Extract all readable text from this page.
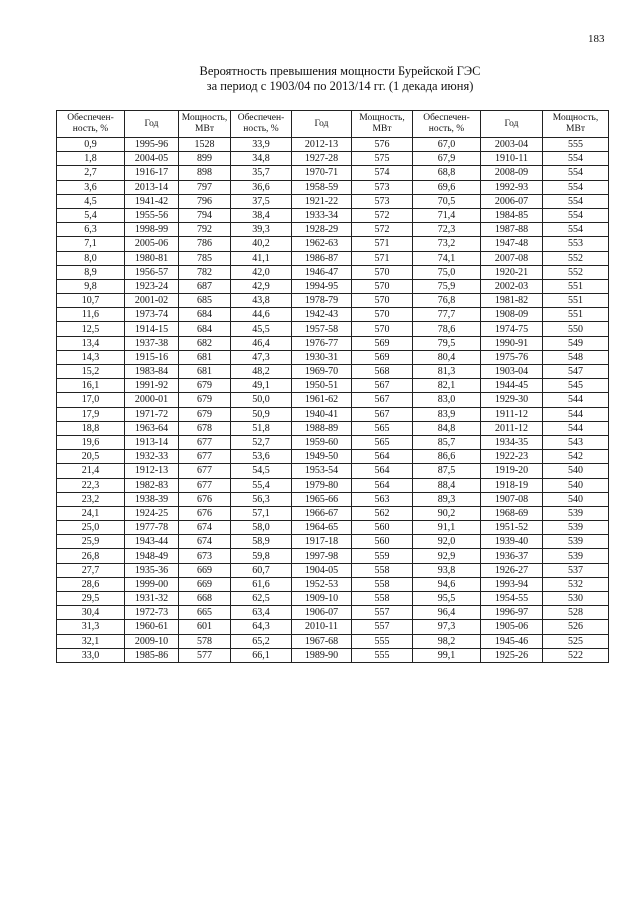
183
Вероятность превышения мощности Бурейской ГЭС
за период с 1903/04 по 2013/14 гг. (1 декада июня)
Обеспечен-ность, %	Год	Мощность, МВт	Обеспечен-ность, %	Год	Мощность, МВт	Обеспечен-ность, %	Год	Мощность, МВт
0,9	1995-96	1528	33,9	2012-13	576	67,0	2003-04	555
1,8	2004-05	899	34,8	1927-28	575	67,9	1910-11	554
2,7	1916-17	898	35,7	1970-71	574	68,8	2008-09	554
3,6	2013-14	797	36,6	1958-59	573	69,6	1992-93	554
4,5	1941-42	796	37,5	1921-22	573	70,5	2006-07	554
5,4	1955-56	794	38,4	1933-34	572	71,4	1984-85	554
6,3	1998-99	792	39,3	1928-29	572	72,3	1987-88	554
7,1	2005-06	786	40,2	1962-63	571	73,2	1947-48	553
8,0	1980-81	785	41,1	1986-87	571	74,1	2007-08	552
8,9	1956-57	782	42,0	1946-47	570	75,0	1920-21	552
9,8	1923-24	687	42,9	1994-95	570	75,9	2002-03	551
10,7	2001-02	685	43,8	1978-79	570	76,8	1981-82	551
11,6	1973-74	684	44,6	1942-43	570	77,7	1908-09	551
12,5	1914-15	684	45,5	1957-58	570	78,6	1974-75	550
13,4	1937-38	682	46,4	1976-77	569	79,5	1990-91	549
14,3	1915-16	681	47,3	1930-31	569	80,4	1975-76	548
15,2	1983-84	681	48,2	1969-70	568	81,3	1903-04	547
16,1	1991-92	679	49,1	1950-51	567	82,1	1944-45	545
17,0	2000-01	679	50,0	1961-62	567	83,0	1929-30	544
17,9	1971-72	679	50,9	1940-41	567	83,9	1911-12	544
18,8	1963-64	678	51,8	1988-89	565	84,8	2011-12	544
19,6	1913-14	677	52,7	1959-60	565	85,7	1934-35	543
20,5	1932-33	677	53,6	1949-50	564	86,6	1922-23	542
21,4	1912-13	677	54,5	1953-54	564	87,5	1919-20	540
22,3	1982-83	677	55,4	1979-80	564	88,4	1918-19	540
23,2	1938-39	676	56,3	1965-66	563	89,3	1907-08	540
24,1	1924-25	676	57,1	1966-67	562	90,2	1968-69	539
25,0	1977-78	674	58,0	1964-65	560	91,1	1951-52	539
25,9	1943-44	674	58,9	1917-18	560	92,0	1939-40	539
26,8	1948-49	673	59,8	1997-98	559	92,9	1936-37	539
27,7	1935-36	669	60,7	1904-05	558	93,8	1926-27	537
28,6	1999-00	669	61,6	1952-53	558	94,6	1993-94	532
29,5	1931-32	668	62,5	1909-10	558	95,5	1954-55	530
30,4	1972-73	665	63,4	1906-07	557	96,4	1996-97	528
31,3	1960-61	601	64,3	2010-11	557	97,3	1905-06	526
32,1	2009-10	578	65,2	1967-68	555	98,2	1945-46	525
33,0	1985-86	577	66,1	1989-90	555	99,1	1925-26	522
